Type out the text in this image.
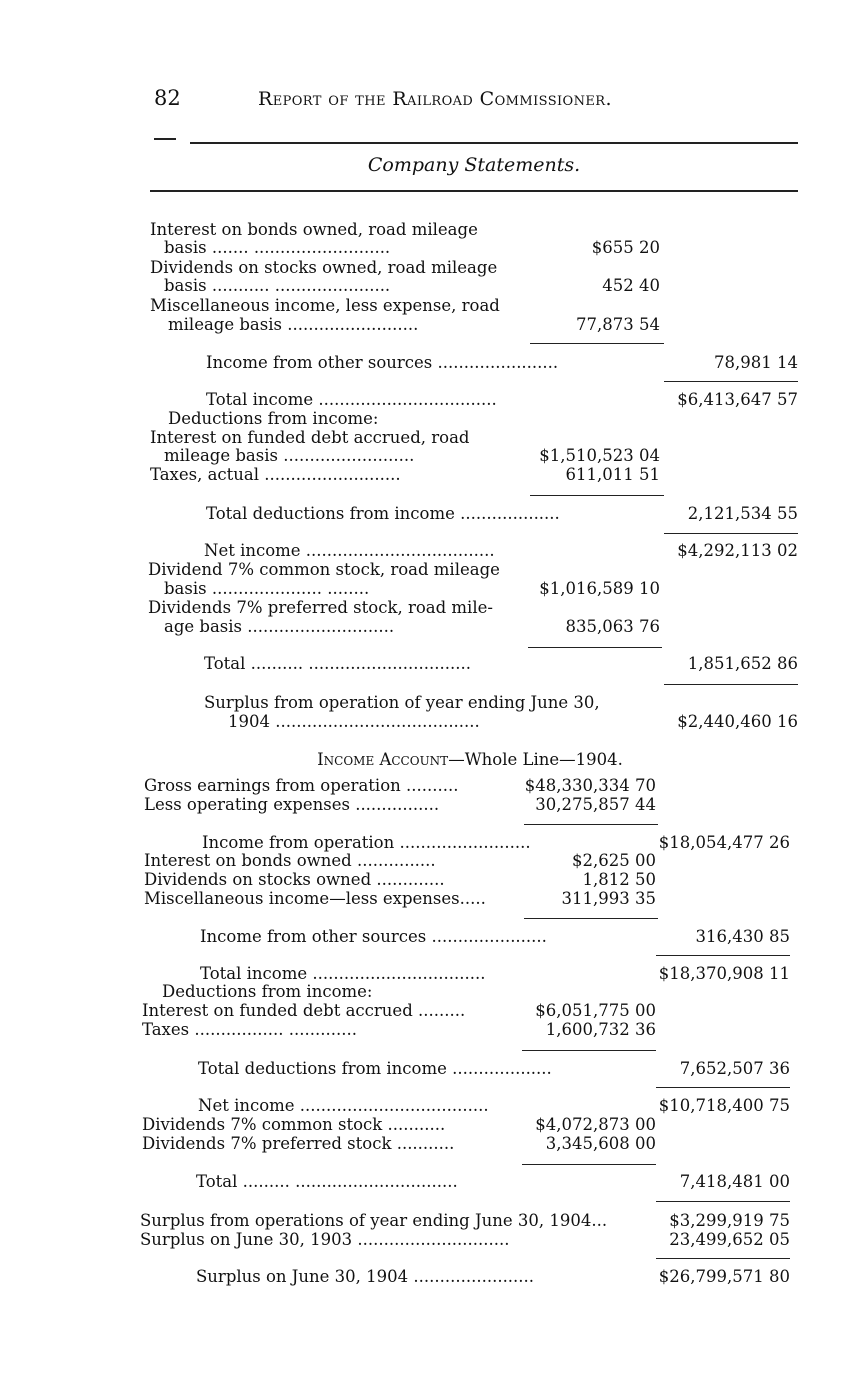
82	Report of the Railroad Commissioner.
Company Statements.
Interest on bonds owned, road mileage
basis ....... ..........................	$655 20
Dividends on stocks owned, road mileage
basis ........... ......................	452 40
Miscellaneous income, less expense, road
mileage basis .........................	77,873 54
Income from other sources .......................	78,981 14
Total income ..................................	$6,413,647 57
Deductions from income:
Interest on funded debt accrued, road
mileage basis .........................	$1,510,523 04
Taxes, actual ..........................	611,011 51
Total deductions from income ...................	2,121,534 55
Net income ....................................	$4,292,113 02
Dividend 7% common stock, road mileage
basis ..................... ........	$1,016,589 10
Dividends 7% preferred stock, road mile-
age basis ............................	835,063 76
Total .......... ...............................	1,851,652 86
Surplus from operation of year ending June 30,
1904 .......................................	$2,440,460 16
Income Account—Whole Line—1904.
Gross earnings from operation ..........	$48,330,334 70
Less operating expenses ................	30,275,857 44
Income from operation .........................	$18,054,477 26
Interest on bonds owned ...............	$2,625 00
Dividends on stocks owned .............	1,812 50
Miscellaneous income—less expenses.....	311,993 35
Income from other sources ......................	316,430 85
Total income .................................	$18,370,908 11
Deductions from income:
Interest on funded debt accrued .........	$6,051,775 00
Taxes ................. .............	1,600,732 36
Total deductions from income ...................	7,652,507 36
Net income ....................................	$10,718,400 75
Dividends 7% common stock ...........	$4,072,873 00
Dividends 7% preferred stock ...........	3,345,608 00
Total ......... ...............................	7,418,481 00
Surplus from operations of year ending June 30, 1904...	$3,299,919 75
Surplus on June 30, 1903 .............................	23,499,652 05
Surplus on June 30, 1904 .......................	$26,799,571 80
